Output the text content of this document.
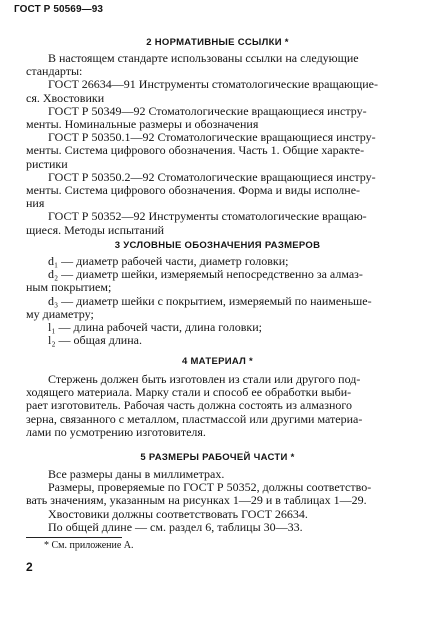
ГОСТ Р 50569—93
2 НОРМАТИВНЫЕ ССЫЛКИ *
В настоящем стандарте использованы ссылки на следующие
стандарты:
ГОСТ 26634—91 Инструменты стоматологические вращающие-
ся. Хвостовики
ГОСТ Р 50349—92 Стоматологические вращающиеся инстру-
менты. Номинальные размеры и обозначения
ГОСТ Р 50350.1—92 Стоматологические вращающиеся инстру-
менты. Система цифрового обозначения. Часть 1. Общие характе-
ристики
ГОСТ Р 50350.2—92 Стоматологические вращающиеся инстру-
менты. Система цифрового обозначения. Форма и виды исполне-
ния
ГОСТ Р 50352—92 Инструменты стоматологические вращаю-
щиеся. Методы испытаний
3 УСЛОВНЫЕ ОБОЗНАЧЕНИЯ РАЗМЕРОВ
d₁ — диаметр рабочей части, диаметр головки;
d₂ — диаметр шейки, измеряемый непосредственно за алмаз-
ным покрытием;
d₃ — диаметр шейки с покрытием, измеряемый по наименьше-
му диаметру;
l₁ — длина рабочей части, длина головки;
l₂ — общая длина.
4 МАТЕРИАЛ *
Стержень должен быть изготовлен из стали или другого под-
ходящего материала. Марку стали и способ ее обработки выби-
рает изготовитель. Рабочая часть должна состоять из алмазного
зерна, связанного с металлом, пластмассой или другими материа-
лами по усмотрению изготовителя.
5 РАЗМЕРЫ РАБОЧЕЙ ЧАСТИ *
Все размеры даны в миллиметрах.
Размеры, проверяемые по ГОСТ Р 50352, должны соответство-
вать значениям, указанным на рисунках 1—29 и в таблицах 1—29.
Хвостовики должны соответствовать ГОСТ 26634.
По общей длине — см. раздел 6, таблицы 30—33.
* См. приложение А.
2
